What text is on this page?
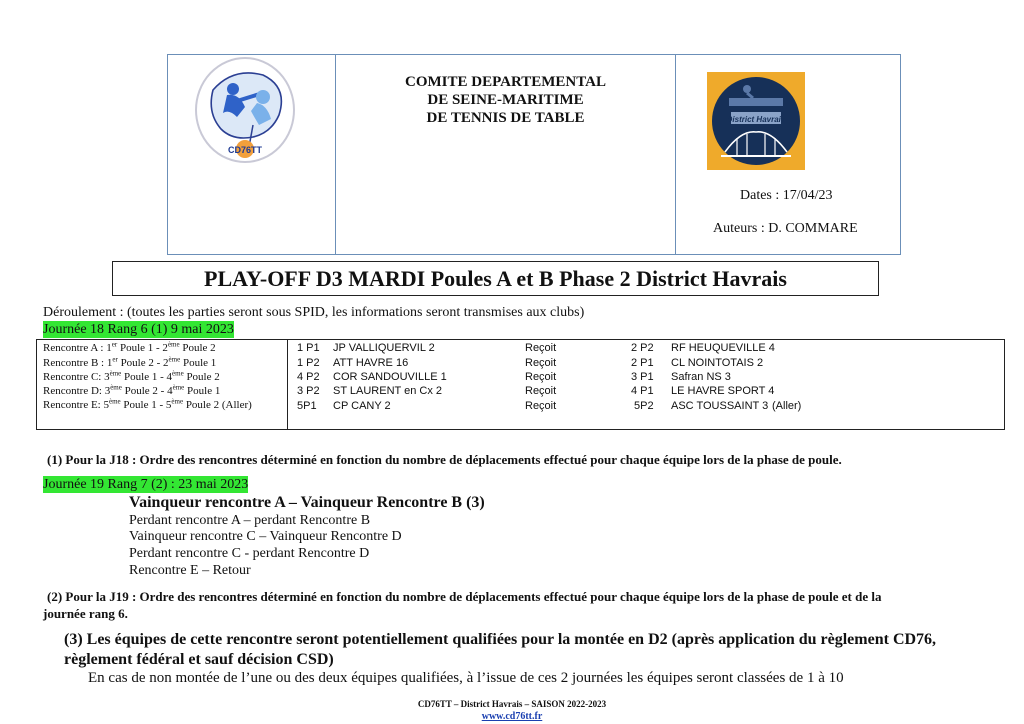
CD76TT
COMITE DEPARTEMENTAL
DE SEINE-MARITIME
DE TENNIS DE TABLE	District Havrais
Dates : 17/04/23
Auteurs : D. COMMARE
PLAY-OFF D3 MARDI Poules A et B Phase 2 District Havrais
Déroulement : (toutes les parties seront sous SPID, les informations seront transmises aux clubs)
Journée 18 Rang 6 (1) 9 mai 2023
Rencontre A : 1er Poule 1 - 2ème Poule 2
Rencontre B : 1er Poule 2 - 2ème Poule 1
Rencontre C: 3ème Poule 1 - 4ème Poule 2
Rencontre D: 3ème Poule 2 - 4ème Poule 1
Rencontre E: 5ème Poule 1 - 5ème Poule 2 (Aller)
1 P1 JP VALLIQUERVIL 2	Reçoit	2 P2 RF HEUQUEVILLE 4
1 P2 ATT HAVRE 16	Reçoit	2 P1 CL NOINTOTAIS 2
4 P2 COR SANDOUVILLE 1	Reçoit	3 P1 Safran NS 3
3 P2 ST LAURENT en Cx 2	Reçoit	4 P1 LE HAVRE SPORT 4
5P1 CP CANY 2	Reçoit	5P2 ASC TOUSSAINT 3 (Aller)
(1) Pour la J18 : Ordre des rencontres déterminé en fonction du nombre de déplacements effectué pour chaque équipe lors de la phase de poule.
Journée 19 Rang 7 (2) : 23 mai 2023
Vainqueur rencontre A – Vainqueur Rencontre B (3)
Perdant rencontre A – perdant Rencontre B
Vainqueur rencontre C – Vainqueur Rencontre D
Perdant rencontre C - perdant Rencontre D
Rencontre E – Retour
(2) Pour la J19 : Ordre des rencontres déterminé en fonction du nombre de déplacements effectué pour chaque équipe lors de la phase de poule et de la
journée rang 6.
(3) Les équipes de cette rencontre seront potentiellement qualifiées pour la montée en D2 (après application du règlement CD76,
règlement fédéral et sauf décision CSD)
En cas de non montée de l’une ou des deux équipes qualifiées, à l’issue de ces 2 journées les équipes seront classées de 1 à 10
CD76TT – District Havrais – SAISON 2022-2023
www.cd76tt.fr
